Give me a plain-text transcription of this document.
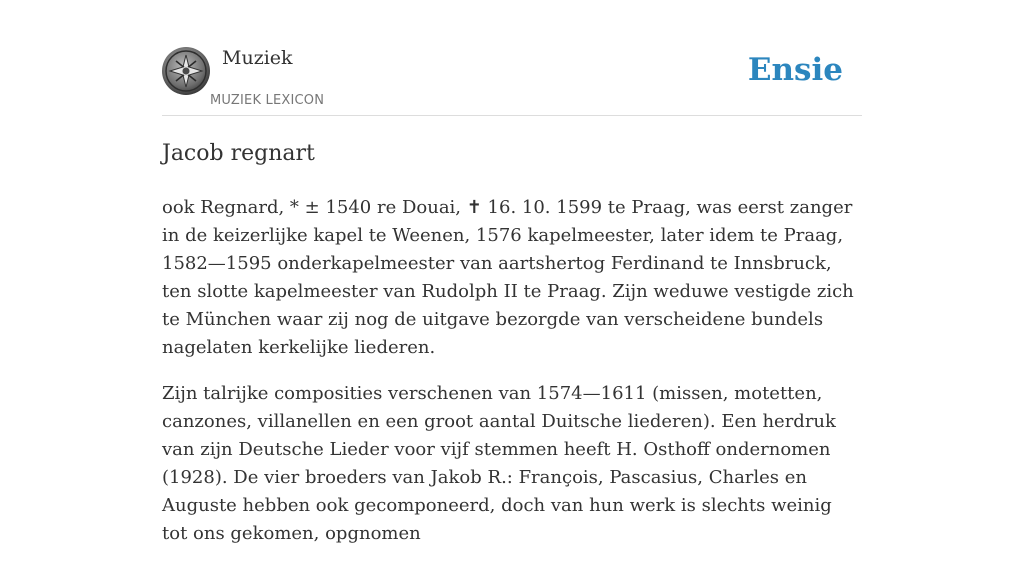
Muziek
MUZIEK LEXICON
Ensie
Jacob regnart

ook Regnard, * ± 1540 re Douai, ✝ 16. 10. 1599 te Praag, was eerst zanger in de keizerlijke kapel te Weenen, 1576 kapelmeester, later idem te Praag, 1582—1595 onderkapelmeester van aartshertog Ferdinand te Innsbruck, ten slotte kapelmeester van Rudolph II te Praag. Zijn weduwe vestigde zich te München waar zij nog de uitgave bezorgde van verscheidene bundels nagelaten kerkelijke liederen.

Zijn talrijke composities verschenen van 1574—1611 (missen, motetten, canzones, villanellen en een groot aantal Duitsche liederen). Een herdruk van zijn Deutsche Lieder voor vijf stemmen heeft H. Osthoff ondernomen (1928). De vier broeders van Jakob R.: François, Pascasius, Charles en Auguste hebben ook gecomponeerd, doch van hun werk is slechts weinig tot ons gekomen, opgnomen
